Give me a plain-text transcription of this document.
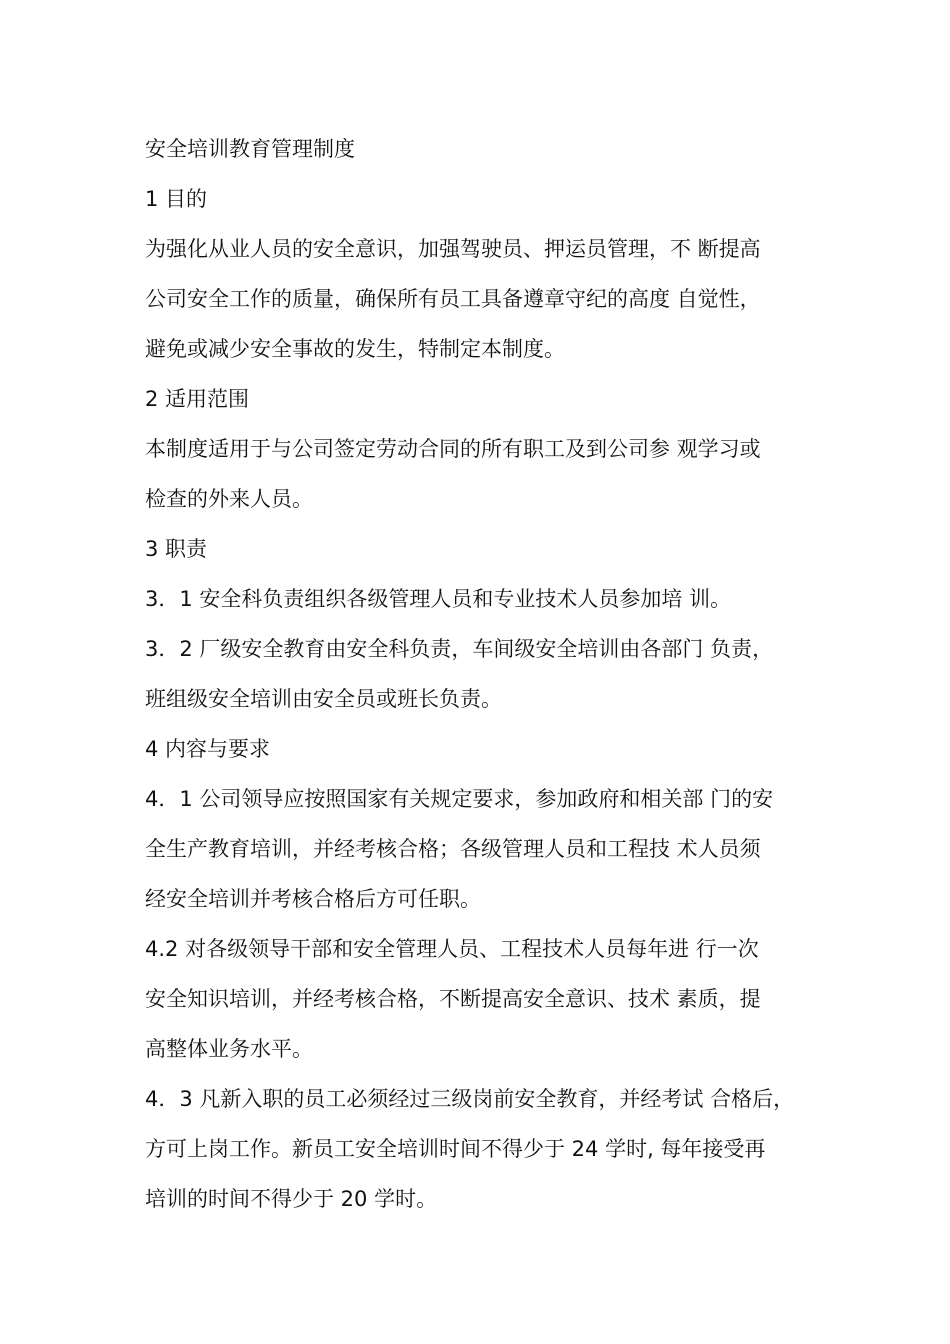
安全培训教育管理制度

1 目的

为强化从业人员的安全意识，加强驾驶员、押运员管理，不 断提高

公司安全工作的质量，确保所有员工具备遵章守纪的高度 自觉性，

避免或减少安全事故的发生，特制定本制度。

2 适用范围

本制度适用于与公司签定劳动合同的所有职工及到公司参 观学习或

检查的外来人员。

3 职责

3．1 安全科负责组织各级管理人员和专业技术人员参加培 训。

3．2 厂级安全教育由安全科负责，车间级安全培训由各部门 负责，

班组级安全培训由安全员或班长负责。

4 内容与要求

4．1 公司领导应按照国家有关规定要求，参加政府和相关部 门的安

全生产教育培训，并经考核合格；各级管理人员和工程技 术人员须

经安全培训并考核合格后方可任职。

4.2 对各级领导干部和安全管理人员、工程技术人员每年进 行一次

安全知识培训，并经考核合格，不断提高安全意识、技术 素质，提

高整体业务水平。

4．3 凡新入职的员工必须经过三级岗前安全教育，并经考试 合格后，

方可上岗工作。新员工安全培训时间不得少于 24 学时, 每年接受再

培训的时间不得少于 20 学时。
